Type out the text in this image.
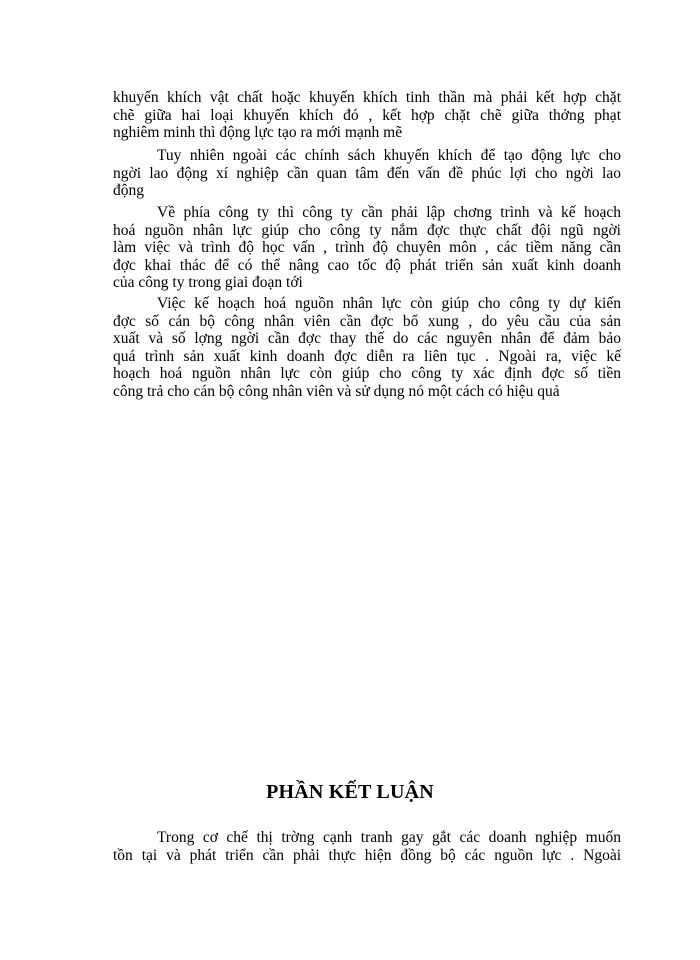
khuyến khích vật chất hoặc khuyến khích tinh thần mà phải kết hợp chặt
chẽ giữa hai loại khuyến khích đó , kết hợp chặt chẽ giữa thởng phạt
nghiêm minh thì động lực tạo ra mới mạnh mẽ
Tuy nhiên ngoài các chính sách khuyến khích để tạo động lực cho
ngời lao động xí nghiệp cần quan tâm đến vấn đề phúc lợi cho ngời lao
động
Về phía công ty thì công ty cần phải lập chơng trình và kế hoạch
hoá nguồn nhân lực giúp cho công ty nắm đợc thực chất đội ngũ ngời
làm việc và trình độ học vấn , trình độ chuyên môn , các tiềm năng cần
đợc khai thác để có thể nâng cao tốc độ phát triển sản xuất kinh doanh
của công ty trong giai đoạn tới
Việc kế hoạch hoá nguồn nhân lực còn giúp cho công ty dự kiến
đợc số cán bộ công nhân viên cần đợc bổ xung , do yêu cầu của sản
xuất và số lợng ngời cần đợc thay thế do các nguyên nhân để đảm bảo
quá trình sản xuất kinh doanh đợc diễn ra liên tục . Ngoài ra, việc kế
hoạch hoá nguồn nhân lực còn giúp cho công ty xác định đợc số tiền
công trả cho cán bộ công nhân viên và sử dụng nó một cách có hiệu quả
PHẦN KẾT LUẬN
Trong cơ chế thị trờng cạnh tranh gay gắt các doanh nghiệp muốn
tồn tại và phát triển cần phải thực hiện đồng bộ các nguồn lực . Ngoài
